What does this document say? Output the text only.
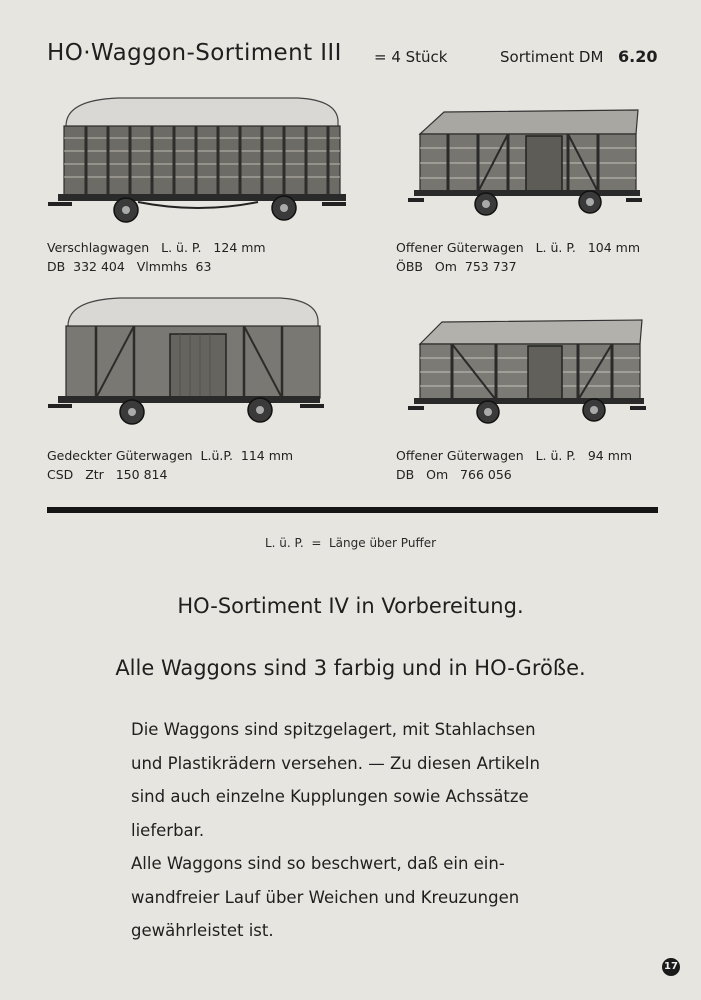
HO·Waggon-Sortiment III = 4 Stück	Sortiment DM 6.20
Verschlagwagen L. ü. P. 124 mm
DB  332 404   Vlmmhs  63
Offener Güterwagen L. ü. P. 104 mm
ÖBB   Om  753 737
Gedeckter Güterwagen L.ü.P. 114 mm
CSD   Ztr   150 814
Offener Güterwagen L. ü. P. 94 mm
DB   Om   766 056
L. ü. P.  =  Länge über Puffer
HO-Sortiment IV in Vorbereitung.
Alle Waggons sind 3 farbig und in HO-Größe.
Die Waggons sind spitzgelagert, mit Stahlachsen
und Plastikrädern versehen. — Zu diesen Artikeln
sind auch einzelne Kupplungen sowie Achssätze
lieferbar.
Alle Waggons sind so beschwert, daß ein ein-
wandfreier Lauf über Weichen und Kreuzungen
gewährleistet ist.
17
